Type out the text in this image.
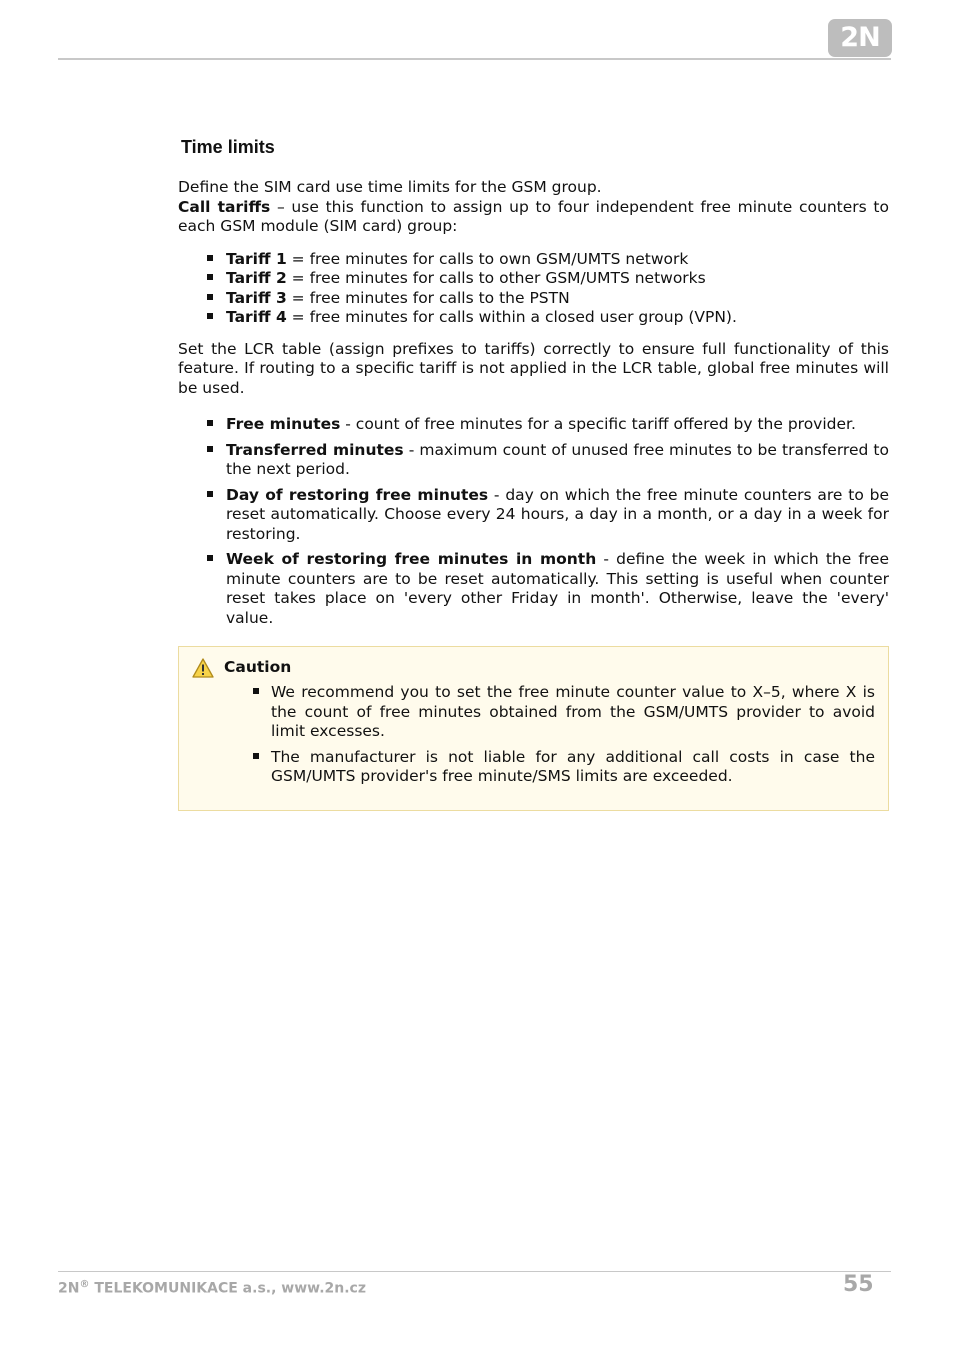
2N
Time limits

Define the SIM card use time limits for the GSM group.

Call tariffs – use this function to assign up to four independent free minute counters to each GSM module (SIM card) group:

Tariff 1 = free minutes for calls to own GSM/UMTS network
Tariff 2 = free minutes for calls to other GSM/UMTS networks
Tariff 3 = free minutes for calls to the PSTN
Tariff 4 = free minutes for calls within a closed user group (VPN).

Set the LCR table (assign prefixes to tariffs) correctly to ensure full functionality of this feature. If routing to a specific tariff is not applied in the LCR table, global free minutes will be used.

Free minutes - count of free minutes for a specific tariff offered by the provider.
Transferred minutes - maximum count of unused free minutes to be transferred to the next period.
Day of restoring free minutes - day on which the free minute counters are to be reset automatically. Choose every 24 hours, a day in a month, or a day in a week for restoring.
Week of restoring free minutes in month - define the week in which the free minute counters are to be reset automatically. This setting is useful when counter reset takes place on 'every other Friday in month'. Otherwise, leave the 'every' value.
Caution
We recommend you to set the free minute counter value to X–5, where X is the count of free minutes obtained from the GSM/UMTS provider to avoid limit excesses.
The manufacturer is not liable for any additional call costs in case the GSM/UMTS provider's free minute/SMS limits are exceeded.
2N® TELEKOMUNIKACE a.s., www.2n.cz	55
